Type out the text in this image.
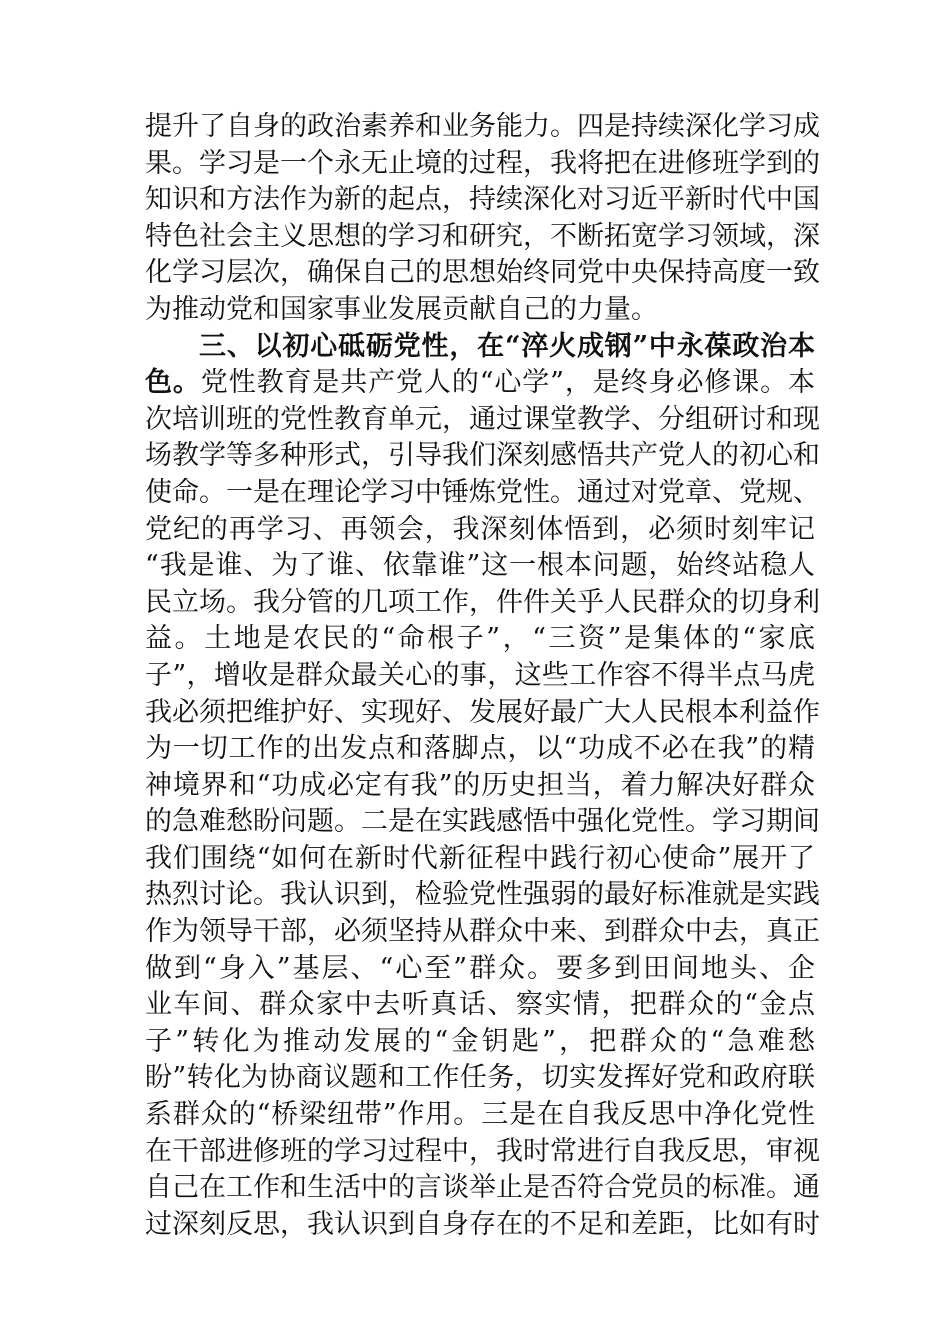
提升了自身的政治素养和业务能力。四是持续深化学习成
果。学习是一个永无止境的过程，我将把在进修班学到的
知识和方法作为新的起点，持续深化对习近平新时代中国
特色社会主义思想的学习和研究，不断拓宽学习领域，深
化学习层次，确保自己的思想始终同党中央保持高度一致
为推动党和国家事业发展贡献自己的力量。
三、以初心砥砺党性，在“淬火成钢”中永葆政治本
色。党性教育是共产党人的“心学”，是终身必修课。本
次培训班的党性教育单元，通过课堂教学、分组研讨和现
场教学等多种形式，引导我们深刻感悟共产党人的初心和
使命。一是在理论学习中锤炼党性。通过对党章、党规、
党纪的再学习、再领会，我深刻体悟到，必须时刻牢记
“我是谁、为了谁、依靠谁”这一根本问题，始终站稳人
民立场。我分管的几项工作，件件关乎人民群众的切身利
益。土地是农民的“命根子”，“三资”是集体的“家底
子”，增收是群众最关心的事，这些工作容不得半点马虎
我必须把维护好、实现好、发展好最广大人民根本利益作
为一切工作的出发点和落脚点，以“功成不必在我”的精
神境界和“功成必定有我”的历史担当，着力解决好群众
的急难愁盼问题。二是在实践感悟中强化党性。学习期间
我们围绕“如何在新时代新征程中践行初心使命”展开了
热烈讨论。我认识到，检验党性强弱的最好标准就是实践
作为领导干部，必须坚持从群众中来、到群众中去，真正
做到“身入”基层、“心至”群众。要多到田间地头、企
业车间、群众家中去听真话、察实情，把群众的“金点
子”转化为推动发展的“金钥匙”，把群众的“急难愁
盼”转化为协商议题和工作任务，切实发挥好党和政府联
系群众的“桥梁纽带”作用。三是在自我反思中净化党性
在干部进修班的学习过程中，我时常进行自我反思，审视
自己在工作和生活中的言谈举止是否符合党员的标准。通
过深刻反思，我认识到自身存在的不足和差距，比如有时
